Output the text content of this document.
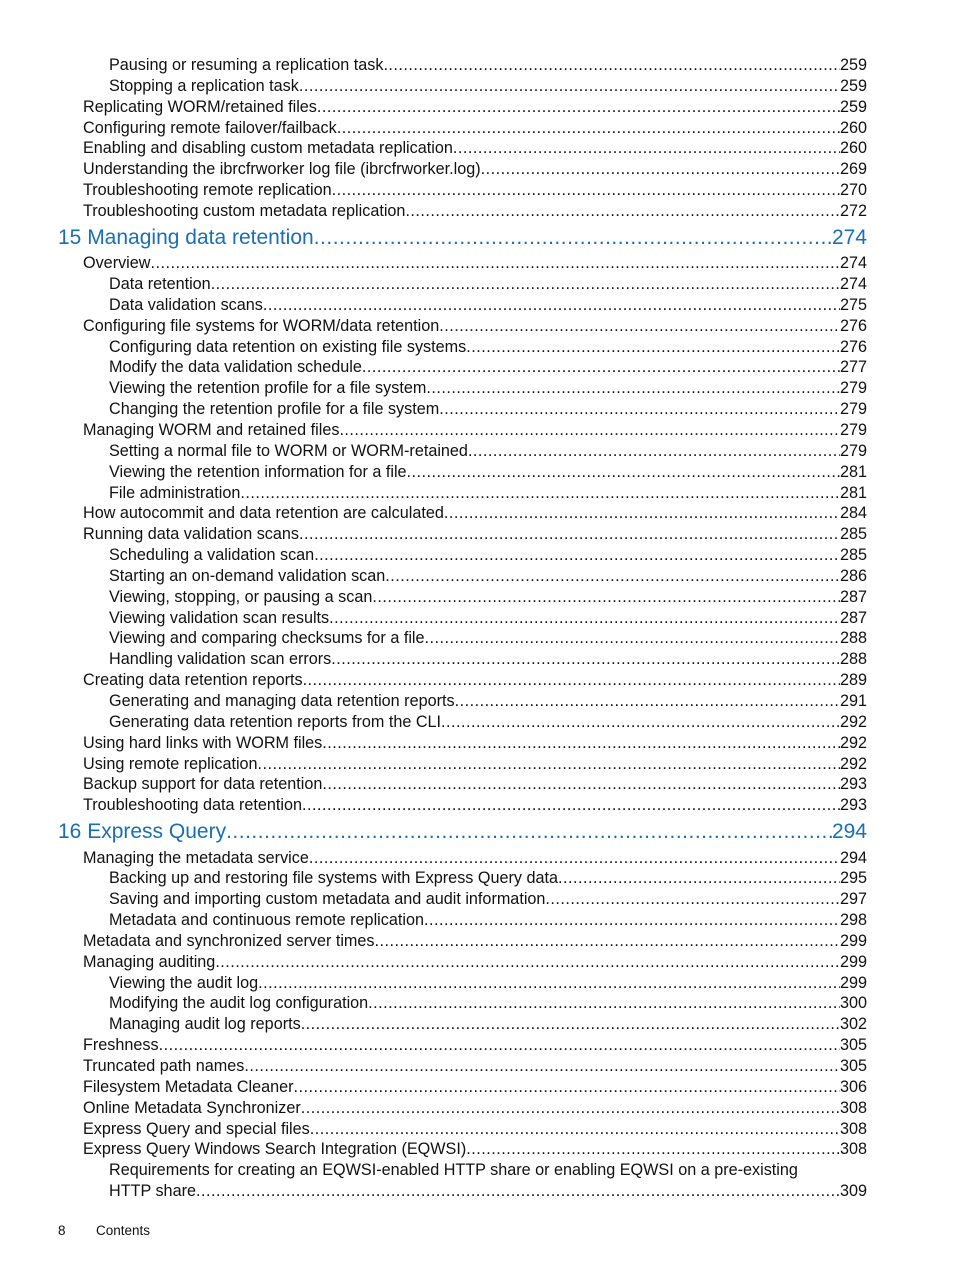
Pausing or resuming a replication task .....	259
Stopping a replication task .....	259
Replicating WORM/retained files .....	259
Configuring remote failover/failback .....	260
Enabling and disabling custom metadata replication .....	260
Understanding the ibrcfrworker log file (ibrcfrworker.log) .....	269
Troubleshooting remote replication .....	270
Troubleshooting custom metadata replication .....	272
15 Managing data retention .....	274
Overview .....	274
Data retention .....	274
Data validation scans .....	275
Configuring file systems for WORM/data retention .....	276
Configuring data retention on existing file systems .....	276
Modify the data validation schedule .....	277
Viewing the retention profile for a file system .....	279
Changing the retention profile for a file system .....	279
Managing WORM and retained files .....	279
Setting a normal file to WORM or WORM-retained .....	279
Viewing the retention information for a file .....	281
File administration .....	281
How autocommit and data retention are calculated .....	284
Running data validation scans .....	285
Scheduling a validation scan .....	285
Starting an on-demand validation scan .....	286
Viewing, stopping, or pausing a scan .....	287
Viewing validation scan results .....	287
Viewing and comparing checksums for a file .....	288
Handling validation scan errors .....	288
Creating data retention reports .....	289
Generating and managing data retention reports .....	291
Generating data retention reports from the CLI .....	292
Using hard links with WORM files .....	292
Using remote replication .....	292
Backup support for data retention .....	293
Troubleshooting data retention .....	293
16 Express Query .....	294
Managing the metadata service .....	294
Backing up and restoring file systems with Express Query data .....	295
Saving and importing custom metadata and audit information .....	297
Metadata and continuous remote replication .....	298
Metadata and synchronized server times .....	299
Managing auditing .....	299
Viewing the audit log .....	299
Modifying the audit log configuration .....	300
Managing audit log reports .....	302
Freshness .....	305
Truncated path names .....	305
Filesystem Metadata Cleaner .....	306
Online Metadata Synchronizer .....	308
Express Query and special files .....	308
Express Query Windows Search Integration (EQWSI) .....	308
Requirements for creating an EQWSI-enabled HTTP share or enabling EQWSI on a pre-existing
HTTP share .....	309
8 Contents
